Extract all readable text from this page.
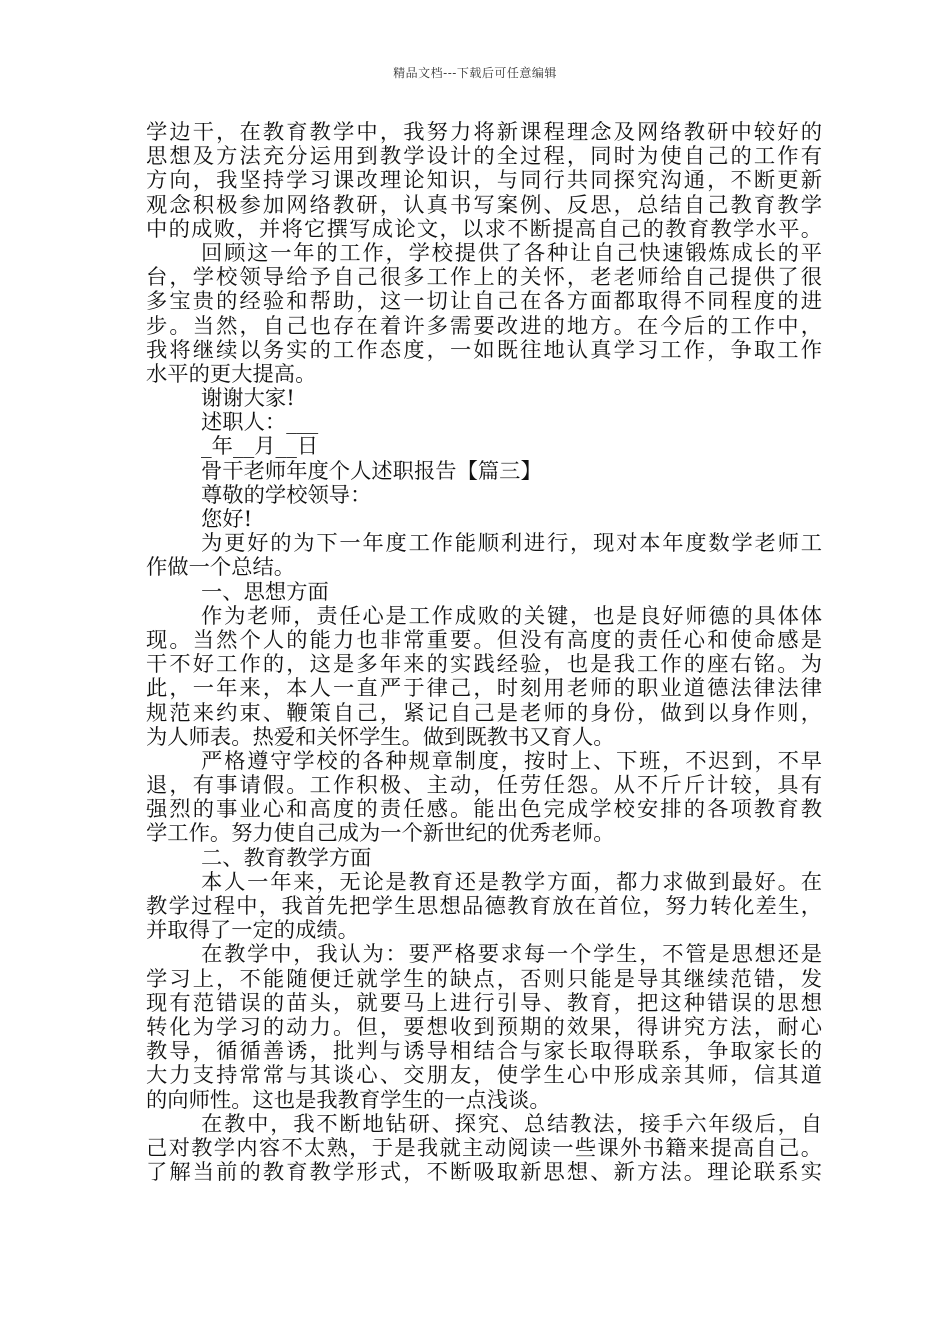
精品文档---下载后可任意编辑
学边干，在教育教学中，我努力将新课程理念及网络教研中较好的
思想及方法充分运用到教学设计的全过程，同时为使自己的工作有
方向，我坚持学习课改理论知识，与同行共同探究沟通，不断更新
观念积极参加网络教研，认真书写案例、反思，总结自己教育教学
中的成败，并将它撰写成论文，以求不断提高自己的教育教学水平。
回顾这一年的工作，学校提供了各种让自己快速锻炼成长的平
台，学校领导给予自己很多工作上的关怀，老老师给自己提供了很
多宝贵的经验和帮助，这一切让自己在各方面都取得不同程度的进
步。当然，自己也存在着许多需要改进的地方。在今后的工作中，
我将继续以务实的工作态度，一如既往地认真学习工作，争取工作
水平的更大提高。
谢谢大家!
述职人：___
_年__月__日
骨干老师年度个人述职报告【篇三】
尊敬的学校领导：
您好!
为更好的为下一年度工作能顺利进行，现对本年度数学老师工
作做一个总结。
一、思想方面
作为老师，责任心是工作成败的关键，也是良好师德的具体体
现。当然个人的能力也非常重要。但没有高度的责任心和使命感是
干不好工作的，这是多年来的实践经验，也是我工作的座右铭。为
此，一年来，本人一直严于律己，时刻用老师的职业道德法律法律
规范来约束、鞭策自己，紧记自己是老师的身份，做到以身作则，
为人师表。热爱和关怀学生。做到既教书又育人。
严格遵守学校的各种规章制度，按时上、下班，不迟到，不早
退，有事请假。工作积极、主动，任劳任怨。从不斤斤计较，具有
强烈的事业心和高度的责任感。能出色完成学校安排的各项教育教
学工作。努力使自己成为一个新世纪的优秀老师。
二、教育教学方面
本人一年来，无论是教育还是教学方面，都力求做到最好。在
教学过程中，我首先把学生思想品德教育放在首位，努力转化差生，
并取得了一定的成绩。
在教学中，我认为：要严格要求每一个学生，不管是思想还是
学习上，不能随便迁就学生的缺点，否则只能是导其继续范错，发
现有范错误的苗头，就要马上进行引导、教育，把这种错误的思想
转化为学习的动力。但，要想收到预期的效果，得讲究方法，耐心
教导，循循善诱，批判与诱导相结合与家长取得联系，争取家长的
大力支持常常与其谈心、交朋友，使学生心中形成亲其师，信其道
的向师性。这也是我教育学生的一点浅谈。
在教中，我不断地钻研、探究、总结教法，接手六年级后，自
己对教学内容不太熟，于是我就主动阅读一些课外书籍来提高自己。
了解当前的教育教学形式，不断吸取新思想、新方法。理论联系实
